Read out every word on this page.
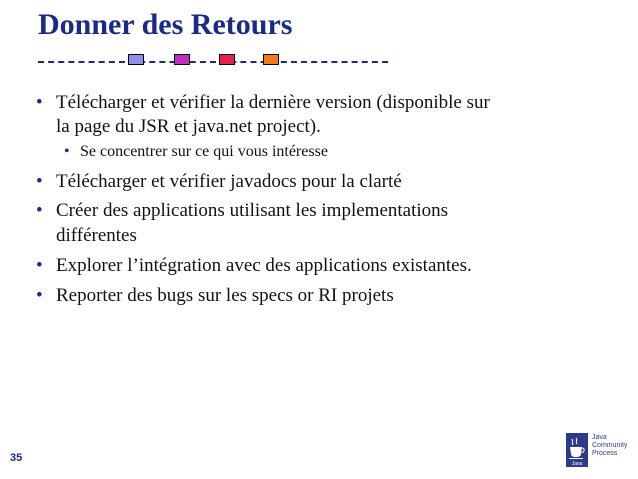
Donner des Retours
• Télécharger et vérifier la dernière version (disponible sur
la page du JSR et java.net project).
• Se concentrer sur ce qui vous intéresse
• Télécharger et vérifier javadocs pour la clarté
• Créer des applications utilisant les implementations
différentes
• Explorer l’intégration avec des applications existantes.
• Reporter des bugs sur les specs or RI projets
35	Java
Java
Community
Process
